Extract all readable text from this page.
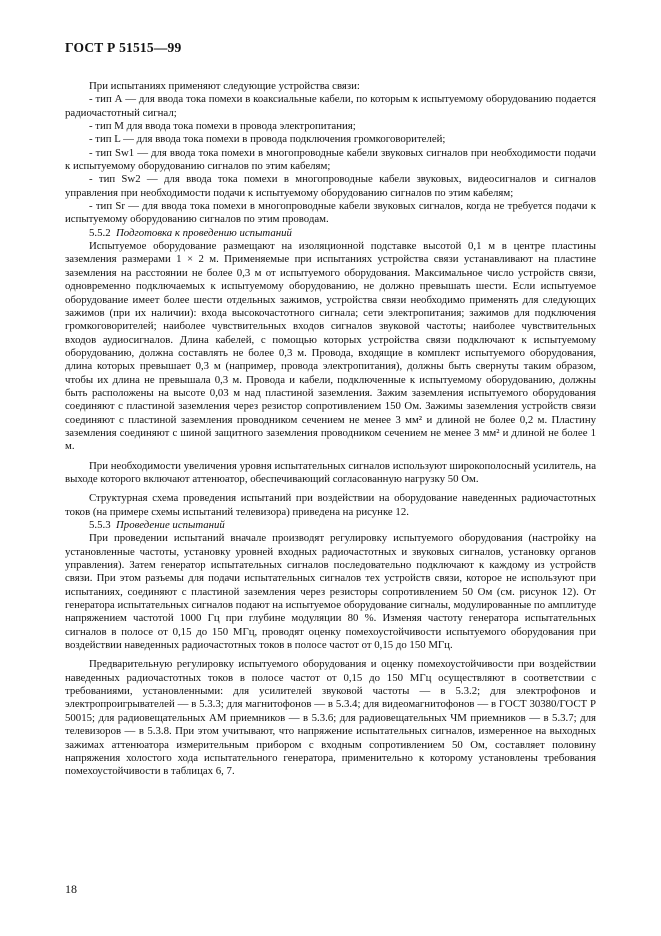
ГОСТ Р 51515—99

При испытаниях применяют следующие устройства связи:

- тип А — для ввода тока помехи в коаксиальные кабели, по которым к испытуемому оборудованию подается радиочастотный сигнал;

- тип М для ввода тока помехи в провода электропитания;

- тип L — для ввода тока помехи в провода подключения громкоговорителей;

- тип Sw1 — для ввода тока помехи в многопроводные кабели звуковых сигналов при необходимости подачи к испытуемому оборудованию сигналов по этим кабелям;

- тип Sw2 — для ввода тока помехи в многопроводные кабели звуковых, видеосигналов и сигналов управления при необходимости подачи к испытуемому оборудованию сигналов по этим кабелям;

- тип Sr — для ввода тока помехи в многопроводные кабели звуковых сигналов, когда не требуется подачи к испытуемому оборудованию сигналов по этим проводам.

5.5.2 Подготовка к проведению испытаний

Испытуемое оборудование размещают на изоляционной подставке высотой 0,1 м в центре пластины заземления размерами 1 × 2 м. Применяемые при испытаниях устройства связи устанавливают на пластине заземления на расстоянии не более 0,3 м от испытуемого оборудования. Максимальное число устройств связи, одновременно подключаемых к испытуемому оборудованию, не должно превышать шести. Если испытуемое оборудование имеет более шести отдельных зажимов, устройства связи необходимо применять для следующих зажимов (при их наличии): входа высокочастотного сигнала; сети электропитания; зажимов для подключения громкоговорителей; наиболее чувствительных входов сигналов звуковой частоты; наиболее чувствительных входов аудиосигналов. Длина кабелей, с помощью которых устройства связи подключают к испытуемому оборудованию, должна составлять не более 0,3 м. Провода, входящие в комплект испытуемого оборудования, длина которых превышает 0,3 м (например, провода электропитания), должны быть свернуты таким образом, чтобы их длина не превышала 0,3 м. Провода и кабели, подключенные к испытуемому оборудованию, должны быть расположены на высоте 0,03 м над пластиной заземления. Зажим заземления испытуемого оборудования соединяют с пластиной заземления через резистор сопротивлением 150 Ом. Зажимы заземления устройств связи соединяют с пластиной заземления проводником сечением не менее 3 мм² и длиной не более 0,2 м. Пластину заземления соединяют с шиной защитного заземления проводником сечением не менее 3 мм² и длиной не более 1 м.

При необходимости увеличения уровня испытательных сигналов используют широкополосный усилитель, на выходе которого включают аттенюатор, обеспечивающий согласованную нагрузку 50 Ом.

Структурная схема проведения испытаний при воздействии на оборудование наведенных радиочастотных токов (на примере схемы испытаний телевизора) приведена на рисунке 12.

5.5.3 Проведение испытаний

При проведении испытаний вначале производят регулировку испытуемого оборудования (настройку на установленные частоты, установку уровней входных радиочастотных и звуковых сигналов, установку органов управления). Затем генератор испытательных сигналов последовательно подключают к каждому из устройств связи. При этом разъемы для подачи испытательных сигналов тех устройств связи, которое не используют при испытаниях, соединяют с пластиной заземления через резисторы сопротивлением 50 Ом (см. рисунок 12). От генератора испытательных сигналов подают на испытуемое оборудование сигналы, модулированные по амплитуде напряжением частотой 1000 Гц при глубине модуляции 80 %. Изменяя частоту генератора испытательных сигналов в полосе от 0,15 до 150 МГц, проводят оценку помехоустойчивости испытуемого оборудования при воздействии наведенных радиочастотных токов в полосе частот от 0,15 до 150 МГц.

Предварительную регулировку испытуемого оборудования и оценку помехоустойчивости при воздействии наведенных радиочастотных токов в полосе частот от 0,15 до 150 МГц осуществляют в соответствии с требованиями, установленными: для усилителей звуковой частоты — в 5.3.2; для электрофонов и электропроигрывателей — в 5.3.3; для магнитофонов — в 5.3.4; для видеомагнитофонов — в ГОСТ 30380/ГОСТ Р 50015; для радиовещательных АМ приемников — в 5.3.6; для радиовещательных ЧМ приемников — в 5.3.7; для телевизоров — в 5.3.8. При этом учитывают, что напряжение испытательных сигналов, измеренное на выходных зажимах аттенюатора измерительным прибором с входным сопротивлением 50 Ом, составляет половину напряжения холостого хода испытательного генератора, применительно к которому установлены требования помехоустойчивости в таблицах 6, 7.

18
